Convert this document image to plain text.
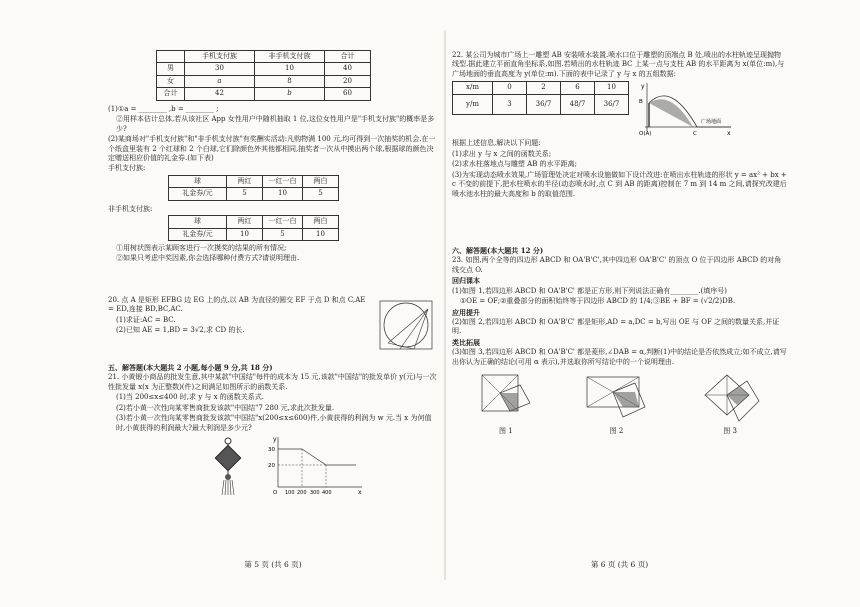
	手机支付族	非手机支付族	合计
男	30	10	40
女	a	8	20
合计	42	b	60

(1)①a = ________ ,b = ________ ;

②用样本估计总体,若从该社区 App 女性用户中随机抽取 1 位,这位女性用户是"手机支付族"的概率是多少?

(2)某商场对"手机支付族"和"非手机支付族"有奖酬实活动:凡购物满 100 元,均可得到一次抽奖的机会.在一个纸盒里装有 2 个红球和 2 个白球,它们除颜色外其他都相同,抽奖者一次从中摸出两个球,根据球的颜色决定赠送相应价值的礼金券.(如下表)

手机支付族:

球	两红	一红一白	两白
礼金券/元	5	10	5

非手机支付族:

球	两红	一红一白	两白
礼金券/元	10	5	10

①用树状图表示某顾客进行一次摸奖的结果的所有情况;

②如果只考虑中奖因素,你会选择哪种付费方式?请说明理由.

20. 点 A 是矩形 EFBG 边 EG 上的点,以 AB 为直径的圆交 EF 于点 D 和点 C,AE = ED,连接 BD,BC,AC.

(1)求证:AC = BC.

(2)已知 AE = 1,BD = 3√2,求 CD 的长.

五、解答题(本大题共 2 小题,每小题 9 分,共 18 分)

21. 小黄锻小商品的批发生意,其中某款"中国结"每件的成本为 15 元,该款"中国结"的批发单价 y(元)与一次性批发量 x(x 为正整数)(件)之间满足如图所示的函数关系.

(1)当 200≤x≤400 时,求 y 与 x 的函数关系式.

(2)若小黄一次性向某零售商批发该款"中国结"7 280 元,求此次批发量.

(3)若小黄一次性向某零售商批发该款"中国结"x(200≤x≤600)件,小黄获得的利润为 w 元.当 x 为何值时,小黄获得的利润最大?最大利润是多少元?

y
30
20
O 100 200 300 400	x
第 5 页 (共 6 页)

22. 某公司为城市广场上一雕塑 AB 安装喷水装置.喷水口位于雕塑的顶端点 B 处,喷出的水柱轨迹呈现抛物线型.据此建立平面直角坐标系,如图.若喷出的水柱轨迹 BC 上某一点与支柱 AB 的水平距离为 x(单位:m),与广场地面的垂直高度为 y(单位:m).下面的表中记录了 y 与 x 的五组数据:

x/m	0	2	6	10
y/m	3	36/7	48/7	36/7
y
x
O(A)
B
C
广场地面

根据上述信息,解决以下问题:

(1)求出 y 与 x 之间的函数关系;

(2)求水柱落地点与雕塑 AB 的水平距离;

(3)为实现动态喷水效果,广场管理处决定对喷水设施做如下设计改进:在喷出水柱轨迹的形状 y = ax² + bx + c 不变的前提下,把水柱喷水的半径(动态喷水时,点 C 到 AB 的距离)控制在 7 m 到 14 m 之间,请探究改建后喷水池水柱的最大高度和 b 的取值范围.

六、解答题(本大题共 12 分)

23. 如图,两个全等的四边形 ABCD 和 OA'B'C',其中四边形 OA'B'C' 的顶点 O 位于四边形 ABCD 的对角线交点 O.

回归课本

(1)如图 1,若四边形 ABCD 和 OA'B'C' 都是正方形,则下列说法正确有________.(填序号)

①OE = OF;②重叠部分的面积始终等于四边形 ABCD 的 1/4;③BE + BF = (√2/2)DB.

应用提升

(2)如图 2,若四边形 ABCD 和 OA'B'C' 都是矩形,AD = a,DC = b,写出 OE 与 OF 之间的数量关系,并证明.

类比拓展

(3)如图 3,若四边形 ABCD 和 OA'B'C' 都是菱形,∠DAB = α,判断(1)中的结论是否依然成立;如不成立,请写出你认为正确的结论(可用 α 表示),并选取你所写结论中的一个说明理由.

图 1	图 2	图 3
第 6 页 (共 6 页)
